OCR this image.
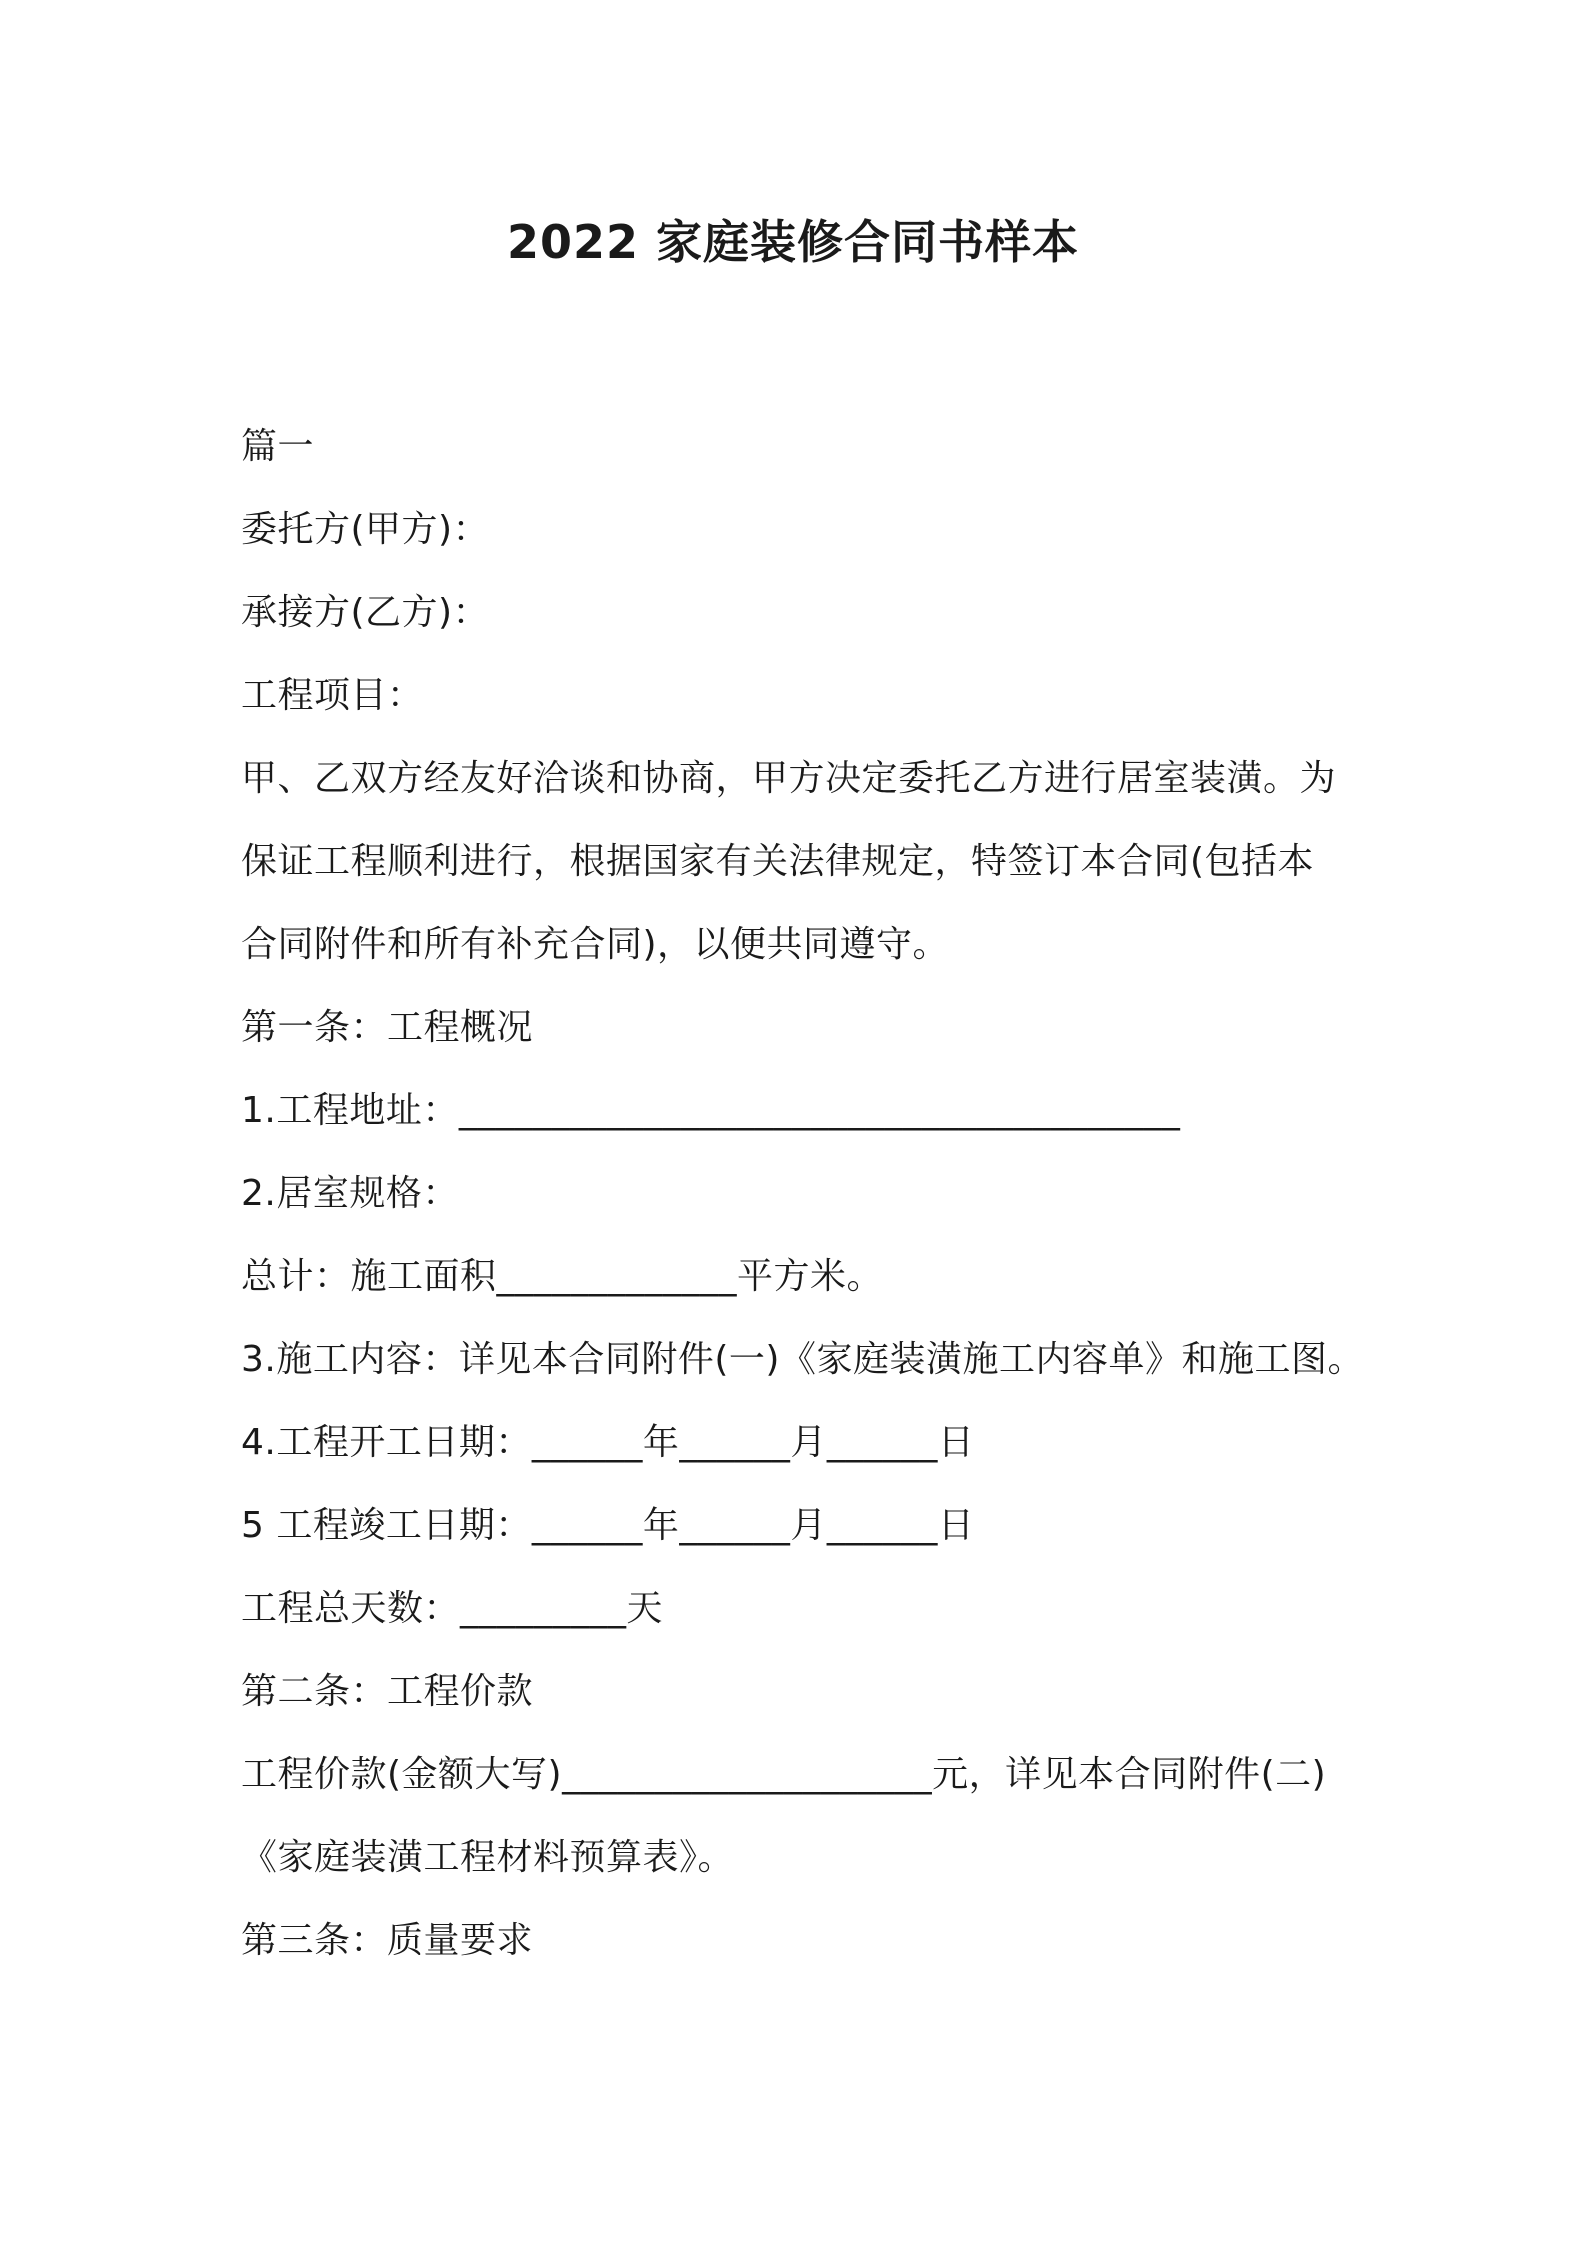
2022 家庭装修合同书样本
篇一
委托方(甲方)：
承接方(乙方)：
工程项目：
甲、乙双方经友好洽谈和协商，甲方决定委托乙方进行居室装潢。为
保证工程顺利进行，根据国家有关法律规定，特签订本合同(包括本
合同附件和所有补充合同)，以便共同遵守。
第一条：工程概况
1.工程地址：_______________________________________
2.居室规格：
总计：施工面积_____________平方米。
3.施工内容：详见本合同附件(一)《家庭装潢施工内容单》和施工图。
4.工程开工日期：______年______月______日
5 工程竣工日期：______年______月______日
工程总天数：_________天
第二条：工程价款
工程价款(金额大写)____________________元，详见本合同附件(二)
《家庭装潢工程材料预算表》。
第三条：质量要求
